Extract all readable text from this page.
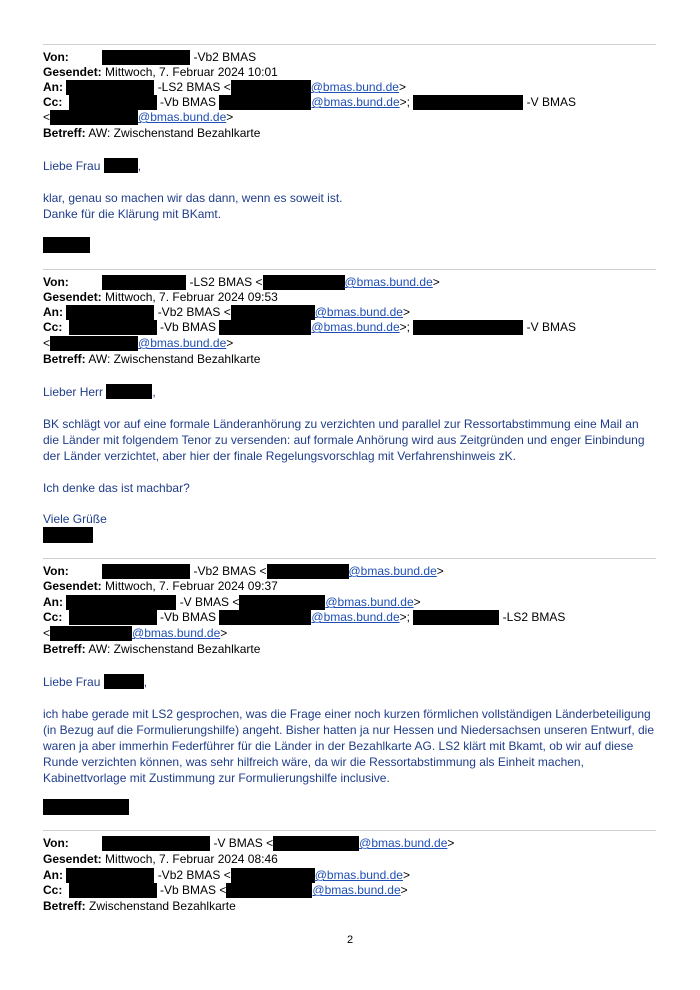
Von:	-Vb2 BMAS
Gesendet: Mittwoch, 7. Februar 2024 10:01
An:	-LS2 BMAS <	@bmas.bund.de>
Cc:	-Vb BMAS	@bmas.bund.de>;	-V BMAS
<	@bmas.bund.de>
Betreff: AW: Zwischenstand Bezahlkarte
Liebe Frau	,
klar, genau so machen wir das dann, wenn es soweit ist.
Danke für die Klärung mit BKamt.
Von:	-LS2 BMAS <	@bmas.bund.de>
Gesendet: Mittwoch, 7. Februar 2024 09:53
An:	-Vb2 BMAS <	@bmas.bund.de>
Cc:	-Vb BMAS	@bmas.bund.de>;	-V BMAS
<	@bmas.bund.de>
Betreff: AW: Zwischenstand Bezahlkarte
Lieber Herr	,
BK schlägt vor auf eine formale Länderanhörung zu verzichten und parallel zur Ressortabstimmung eine Mail an die Länder mit folgendem Tenor zu versenden: auf formale Anhörung wird aus Zeitgründen und enger Einbindung der Länder verzichtet, aber hier der finale Regelungsvorschlag mit Verfahrenshinweis zK.
Ich denke das ist machbar?
Viele Grüße
Von:	-Vb2 BMAS <	@bmas.bund.de>
Gesendet: Mittwoch, 7. Februar 2024 09:37
An:	-V BMAS <	@bmas.bund.de>
Cc:	-Vb BMAS	@bmas.bund.de>;	-LS2 BMAS
<	@bmas.bund.de>
Betreff: AW: Zwischenstand Bezahlkarte
Liebe Frau	,
ich habe gerade mit LS2 gesprochen, was die Frage einer noch kurzen förmlichen vollständigen Länderbeteiligung (in Bezug auf die Formulierungshilfe) angeht. Bisher hatten ja nur Hessen und Niedersachsen unseren Entwurf, die waren ja aber immerhin Federführer für die Länder in der Bezahlkarte AG. LS2 klärt mit Bkamt, ob wir auf diese Runde verzichten können, was sehr hilfreich wäre, da wir die Ressortabstimmung als Einheit machen, Kabinettvorlage mit Zustimmung zur Formulierungshilfe inclusive.
Von:	-V BMAS <	@bmas.bund.de>
Gesendet: Mittwoch, 7. Februar 2024 08:46
An:	-Vb2 BMAS <	@bmas.bund.de>
Cc:	-Vb BMAS <	@bmas.bund.de>
Betreff: Zwischenstand Bezahlkarte
2
